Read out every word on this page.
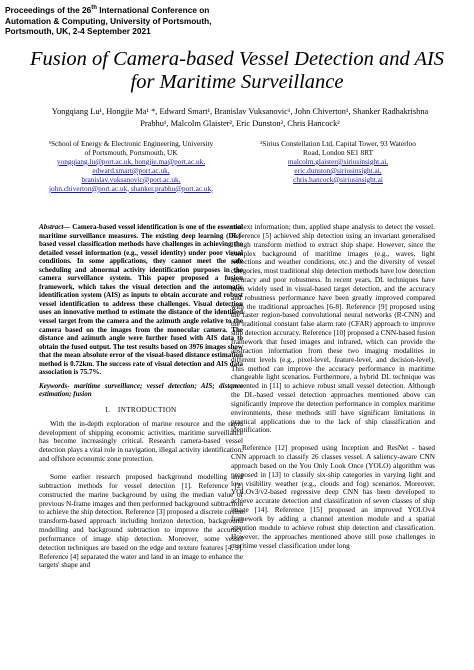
Proceedings of the 26th International Conference on
Automation & Computing, University of Portsmouth,
Portsmouth, UK, 2-4 September 2021
Fusion of Camera-based Vessel Detection and AIS
for Maritime Surveillance
Yongqiang Lu¹, Hongjie Ma¹ *, Edward Smart¹, Branislav Vuksanovic¹, John Chiverton¹, Shanker Radhakrishna
Prabhu¹, Malcolm Glaister², Eric Dunston², Chris Hancock²
¹School of Energy & Electronic Engineering, University
of Portsmouth, Portsmouth, UK
yongqiang.lu@port.ac.uk, hongjie.ma@port.ac.uk,
edward.smart@port.ac.uk,
branislav.vuksanovic@port.ac.uk,
john.chiverton@port.ac.uk, shanker.prabhu@port.ac.uk,
²Sirius Constellation Ltd, Capital Tower, 93 Waterloo
Road, London SE1 8RT
malcolm.glaister@siriusinsight.ai,
eric.dunston@siriusinsight.ai,
chris.hancock@siriusinsight.ai

Abstract— Camera-based vessel identification is one of the essential maritime surveillance measures. The existing deep learning (DL)-based vessel classification methods have challenges in achieving the detailed vessel information (e.g., vessel identity) under poor visual conditions. In some applications, they cannot meet the safe scheduling and abnormal activity identification purposes in the camera surveillance system. This paper proposed a fusion framework, which takes the visual detection and the automatic identification system (AIS) as inputs to obtain accurate and robust vessel identification to address these challenges. Visual detection uses an innovative method to estimate the distance of the identified vessel target from the camera and the azimuth angle relative to the camera based on the images from the monocular camera. The distance and azimuth angle were further fused with AIS data to obtain the fused output. The test results based on 3976 images show that the mean absolute error of the visual-based distance estimation method is 0.72km. The success rate of visual detection and AIS data association is 75.7%.

Keywords- maritime surveillance; vessel detection; AIS; distance estimation; fusion

I. INTRODUCTION

With the in-depth exploration of marine resource and the rapid development of shipping economic activities, maritime surveillance has become increasingly critical. Research camera-based vessel detection plays a vital role in navigation, illegal activity identification, and offshore economic zone protection.

Some earlier research proposed background modelling and subtraction methods for vessel detection [1]. Reference [2] constructed the marine background by using the median value of previous N-frame images and then performed background subtraction to achieve the ship detection. Reference [3] proposed a discrete cosine transform-based approach including horizon detection, background modelling and background subtraction to improve the accuracy performance of image ship detection. Moreover, some vessel detection techniques are based on the edge and texture features [4, 5]. Reference [4] separated the water and land in an image to enhance the targets' shape and

context information; then, applied shape analysis to detect the vessel. Reference [5] achieved ship detection using an invariant generalised Hough transform method to extract ship shape. However, since the complex background of maritime images (e.g., waves, light reflections and weather conditions, etc.) and the diversity of vessel categories, most traditional ship detection methods have low detection accuracy and poor robustness. In recent years, DL techniques have been widely used in visual-based target detection, and the accuracy and robustness performance have been greatly improved compared with the traditional approaches [6-8]. Reference [9] proposed using the faster region-based convolutional neural networks (R-CNN) and the traditional constant false alarm rate (CFAR) approach to improve ship detection accuracy. Reference [10] proposed a CNN-based fusion framework that fused images and infrared, which can provide the abstraction information from these two imaging modalities in different levels (e.g., pixel-level, feature-level, and decision-level). This method can improve the accuracy performance in maritime changeable light scenarios. Furthermore, a hybrid DL technique was presented in [11] to achieve robust small vessel detection. Although the DL-based vessel detection approaches mentioned above can significantly improve the detection performance in complex maritime environments, these methods still have significant limitations in practical applications due to the lack of ship classification and identification.

Reference [12] proposed using Inception and ResNet - based CNN approach to classify 26 classes vessel. A saliency-aware CNN approach based on the You Only Look Once (YOLO) algorithm was proposed in [13] to classify six-ship categories in varying light and low visibility weather (e.g., clouds and fog) scenarios. Moreover, YOLOv3/v2-based regressive deep CNN has been developed to achieve accurate detection and classification of seven classes of ship image [14]. Reference [15] proposed an improved YOLOv4 framework by adding a channel attention module and a spatial attention module to achieve robust ship detection and classification. However, the approaches mentioned above still pose challenges in maritime vessel classification under long
